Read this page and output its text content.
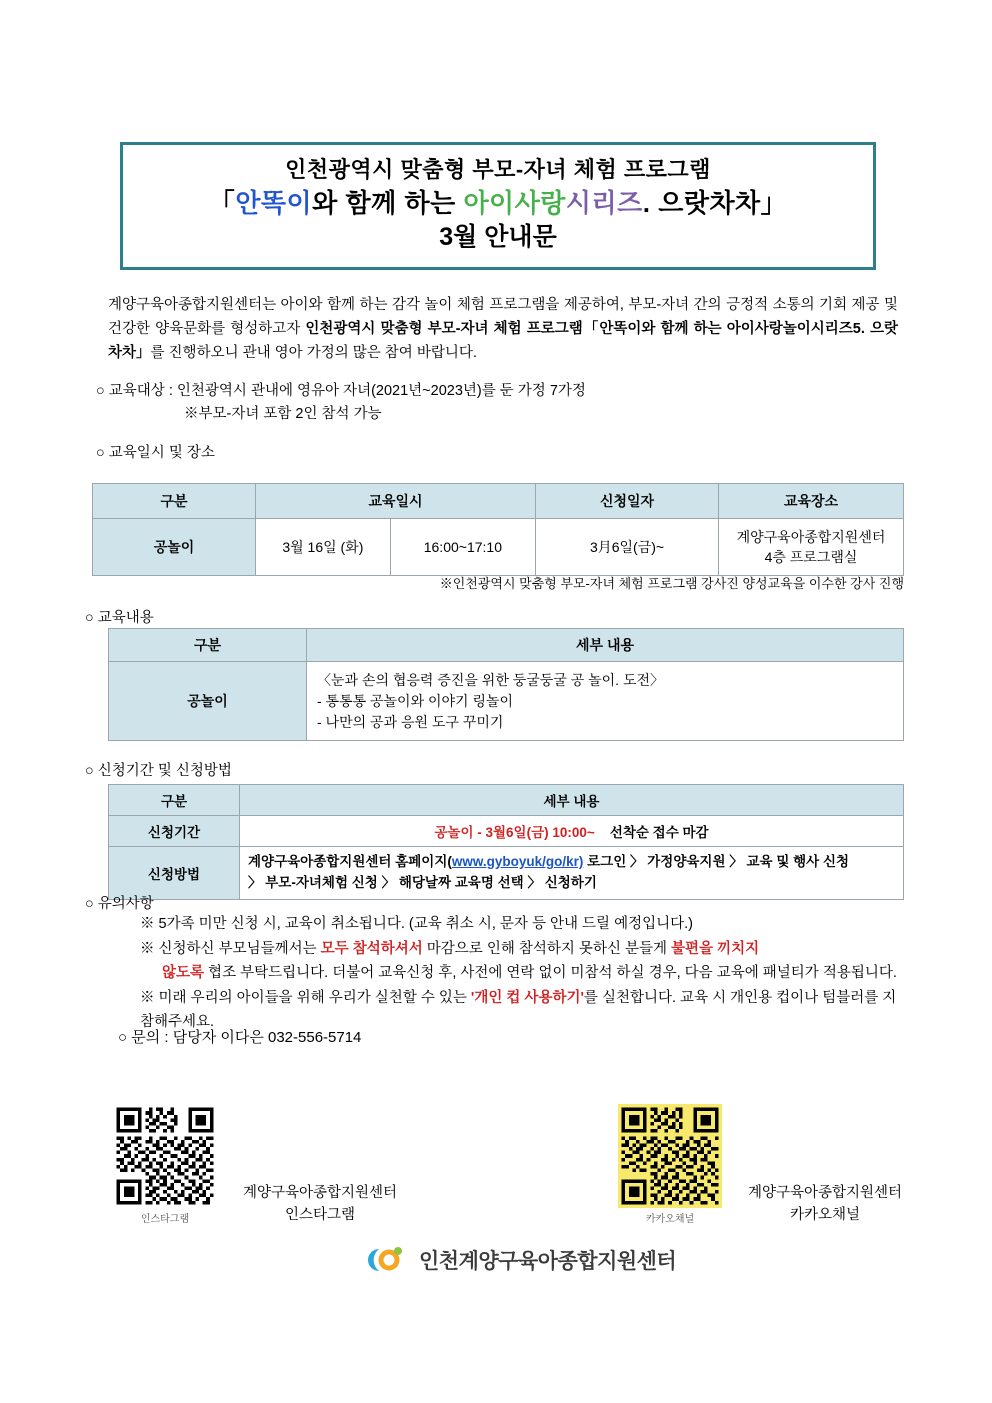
인천광역시 맞춤형 부모-자녀 체험 프로그램
「안똑이와 함께 하는 아이사랑시리즈. 으랏차차」
3월 안내문
계양구육아종합지원센터는 아이와 함께 하는 감각 놀이 체험 프로그램을 제공하여, 부모-자녀 간의 긍정적 소통의 기회 제공 및 건강한 양육문화를 형성하고자 인천광역시 맞춤형 부모-자녀 체험 프로그램「안똑이와 함께 하는 아이사랑놀이시리즈5. 으랏차차」를 진행하오니 관내 영아 가정의 많은 참여 바랍니다.
○ 교육대상 : 인천광역시 관내에 영유아 자녀(2021년~2023년)를 둔 가정 7가정
※부모-자녀 포함 2인 참석 가능
○ 교육일시 및 장소
구분	교육일시		신청일자	교육장소
공놀이	3월 16일 (화)	16:00~17:10	3月6일(금)~	계양구육아종합지원센터
4층 프로그램실
※인천광역시 맞춤형 부모-자녀 체험 프로그램 강사진 양성교육을 이수한 강사 진행
○ 교육내용
구분	세부 내용
공놀이	〈눈과 손의 협응력 증진을 위한 둥굴둥굴 공 놀이. 도전〉
- 통통통 공놀이와 이야기 링놀이
- 나만의 공과 응원 도구 꾸미기
○ 신청기간 및 신청방법
구분	세부 내용
신청기간	공놀이 - 3월6일(금) 10:00~ 선착순 접수 마감
신청방법	계양구육아종합지원센터 홈페이지(www.gyboyuk/go/kr) 로그인 〉 가정양육지원 〉 교육 및 행사 신청
〉 부모-자녀체험 신청 〉 해당날짜 교육명 선택 〉 신청하기
○ 유의사항
※ 5가족 미만 신청 시, 교육이 취소됩니다. (교육 취소 시, 문자 등 안내 드릴 예정입니다.)
※ 신청하신 부모님들께서는 모두 참석하셔서 마감으로 인해 참석하지 못하신 분들게 불편을 끼치지
않도록 협조 부탁드립니다. 더불어 교육신청 후, 사전에 연락 없이 미참석 하실 경우, 다음 교육에 패널티가 적용됩니다.
※ 미래 우리의 아이들을 위해 우리가 실천할 수 있는 '개인 컵 사용하기'를 실천합니다. 교육 시 개인용 컵이나 텀블러를 지참해주세요.
○ 문의 : 담당자 이다은 032-556-5714
인스타그램
계양구육아종합지원센터
인스타그램	카카오채널
계양구육아종합지원센터
카카오채널
인천계양구육아종합지원센터
